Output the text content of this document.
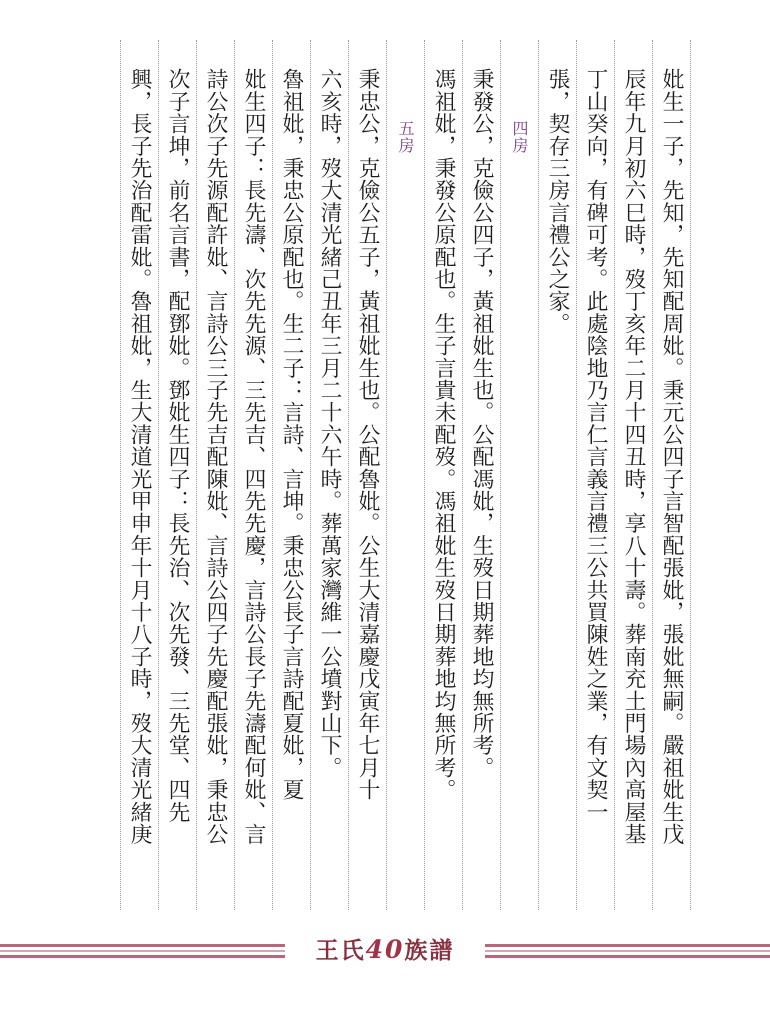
妣生一子，先知，先知配周妣。秉元公四子言智配張妣，張妣無嗣。嚴祖妣生戊
辰年九月初六巳時，歿丁亥年二月十四丑時，享八十壽。葬南充土門場內高屋基
丁山癸向，有碑可考。此處陰地乃言仁言義言禮三公共買陳姓之業，有文契一
張，契存三房言禮公之家。
四房
秉發公，克儉公四子，黃祖妣生也。公配馮妣，生歿日期葬地均無所考。
馮祖妣，秉發公原配也。生子言貴未配歿。馮祖妣生歿日期葬地均無所考。
五房
秉忠公，克儉公五子，黃祖妣生也。公配魯妣。公生大清嘉慶戊寅年七月十
六亥時，歿大清光緒己丑年三月二十六午時。葬萬家灣維一公墳對山下。
魯祖妣，秉忠公原配也。生二子：言詩、言坤。秉忠公長子言詩配夏妣，夏
妣生四子：長先濤、次先先源、三先吉、四先先慶，言詩公長子先濤配何妣、言
詩公次子先源配許妣、言詩公三子先吉配陳妣、言詩公四子先慶配張妣，秉忠公
次子言坤，前名言書，配鄧妣。鄧妣生四子：長先治、次先發、三先堂、四先
興，長子先治配雷妣。魯祖妣，生大清道光甲申年十月十八子時，歿大清光緒庚
王氏40族譜
